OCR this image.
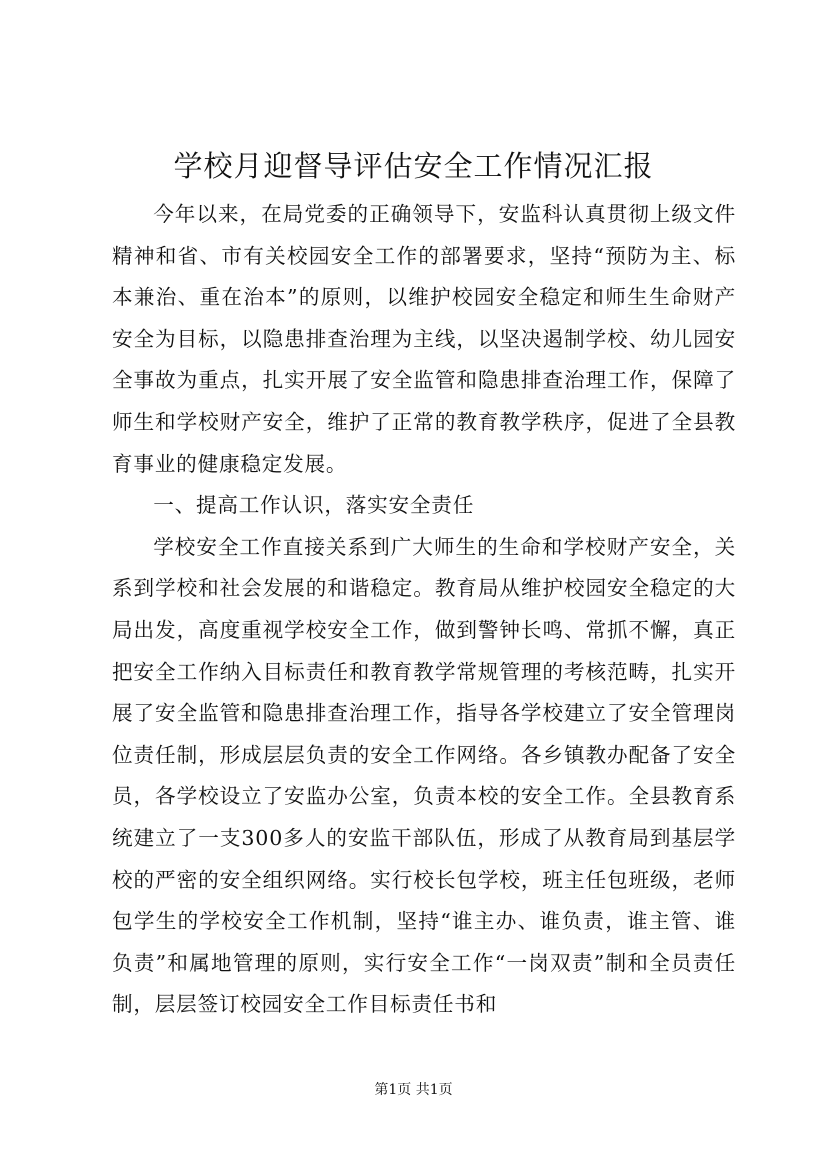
学校月迎督导评估安全工作情况汇报

今年以来，在局党委的正确领导下，安监科认真贯彻上级文件精神和省、市有关校园安全工作的部署要求，坚持“预防为主、标本兼治、重在治本”的原则，以维护校园安全稳定和师生生命财产安全为目标，以隐患排查治理为主线，以坚决遏制学校、幼儿园安全事故为重点，扎实开展了安全监管和隐患排查治理工作，保障了师生和学校财产安全，维护了正常的教育教学秩序，促进了全县教育事业的健康稳定发展。

一、提高工作认识，落实安全责任

学校安全工作直接关系到广大师生的生命和学校财产安全，关系到学校和社会发展的和谐稳定。教育局从维护校园安全稳定的大局出发，高度重视学校安全工作，做到警钟长鸣、常抓不懈，真正把安全工作纳入目标责任和教育教学常规管理的考核范畴，扎实开展了安全监管和隐患排查治理工作，指导各学校建立了安全管理岗位责任制，形成层层负责的安全工作网络。各乡镇教办配备了安全员，各学校设立了安监办公室，负责本校的安全工作。全县教育系统建立了一支300多人的安监干部队伍，形成了从教育局到基层学校的严密的安全组织网络。实行校长包学校，班主任包班级，老师包学生的学校安全工作机制，坚持“谁主办、谁负责，谁主管、谁负责”和属地管理的原则，实行安全工作“一岗双责”制和全员责任制，层层签订校园安全工作目标责任书和

第1页 共1页
